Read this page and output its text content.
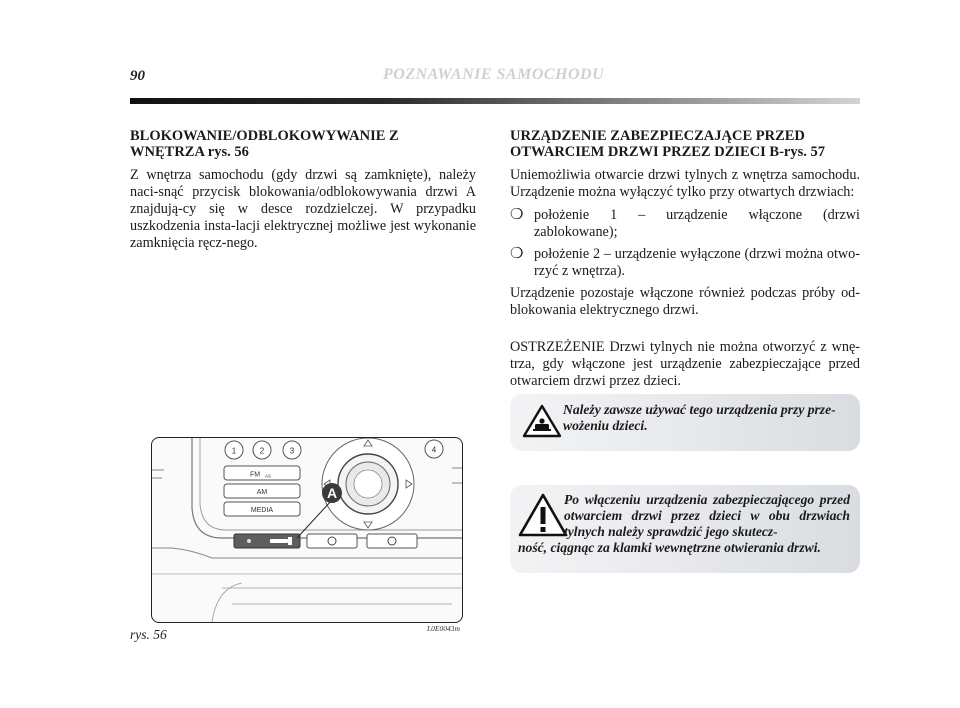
90	POZNAWANIE SAMOCHODU
BLOKOWANIE/ODBLOKOWYWANIE Z WNĘTRZA rys. 56

Z wnętrza samochodu (gdy drzwi są zamknięte), należy naci-snąć przycisk blokowania/odblokowywania drzwi A znajdują-cy się w desce rozdzielczej. W przypadku uszkodzenia insta-lacji elektrycznej możliwe jest wykonanie zamknięcia ręcz-nego.

URZĄDZENIE ZABEZPIECZAJĄCE PRZED OTWARCIEM DRZWI PRZEZ DZIECI B-rys. 57

Uniemożliwia otwarcie drzwi tylnych z wnętrza samochodu. Urządzenie można wyłączyć tylko przy otwartych drzwiach:

❍ położenie 1 – urządzenie włączone (drzwi zablokowane);
❍ położenie 2 – urządzenie wyłączone (drzwi można otwo-rzyć z wnętrza).

Urządzenie pozostaje włączone również podczas próby od-blokowania elektrycznego drzwi.

OSTRZEŻENIE Drzwi tylnych nie można otworzyć z wnę-trza, gdy włączone jest urządzenie zabezpieczające przed otwarciem drzwi przez dzieci.

Należy zawsze używać tego urządzenia przy prze-wożeniu dzieci.
Po włączeniu urządzenia zabezpieczającego przed otwarciem drzwi przez dzieci w obu drzwiach tylnych należy sprawdzić jego skutecz-
ność, ciągnąc za klamki wewnętrzne otwierania drzwi.
1	2	3	4
FM AS
AM
MEDIA
A
rys. 56	L0E0043m
